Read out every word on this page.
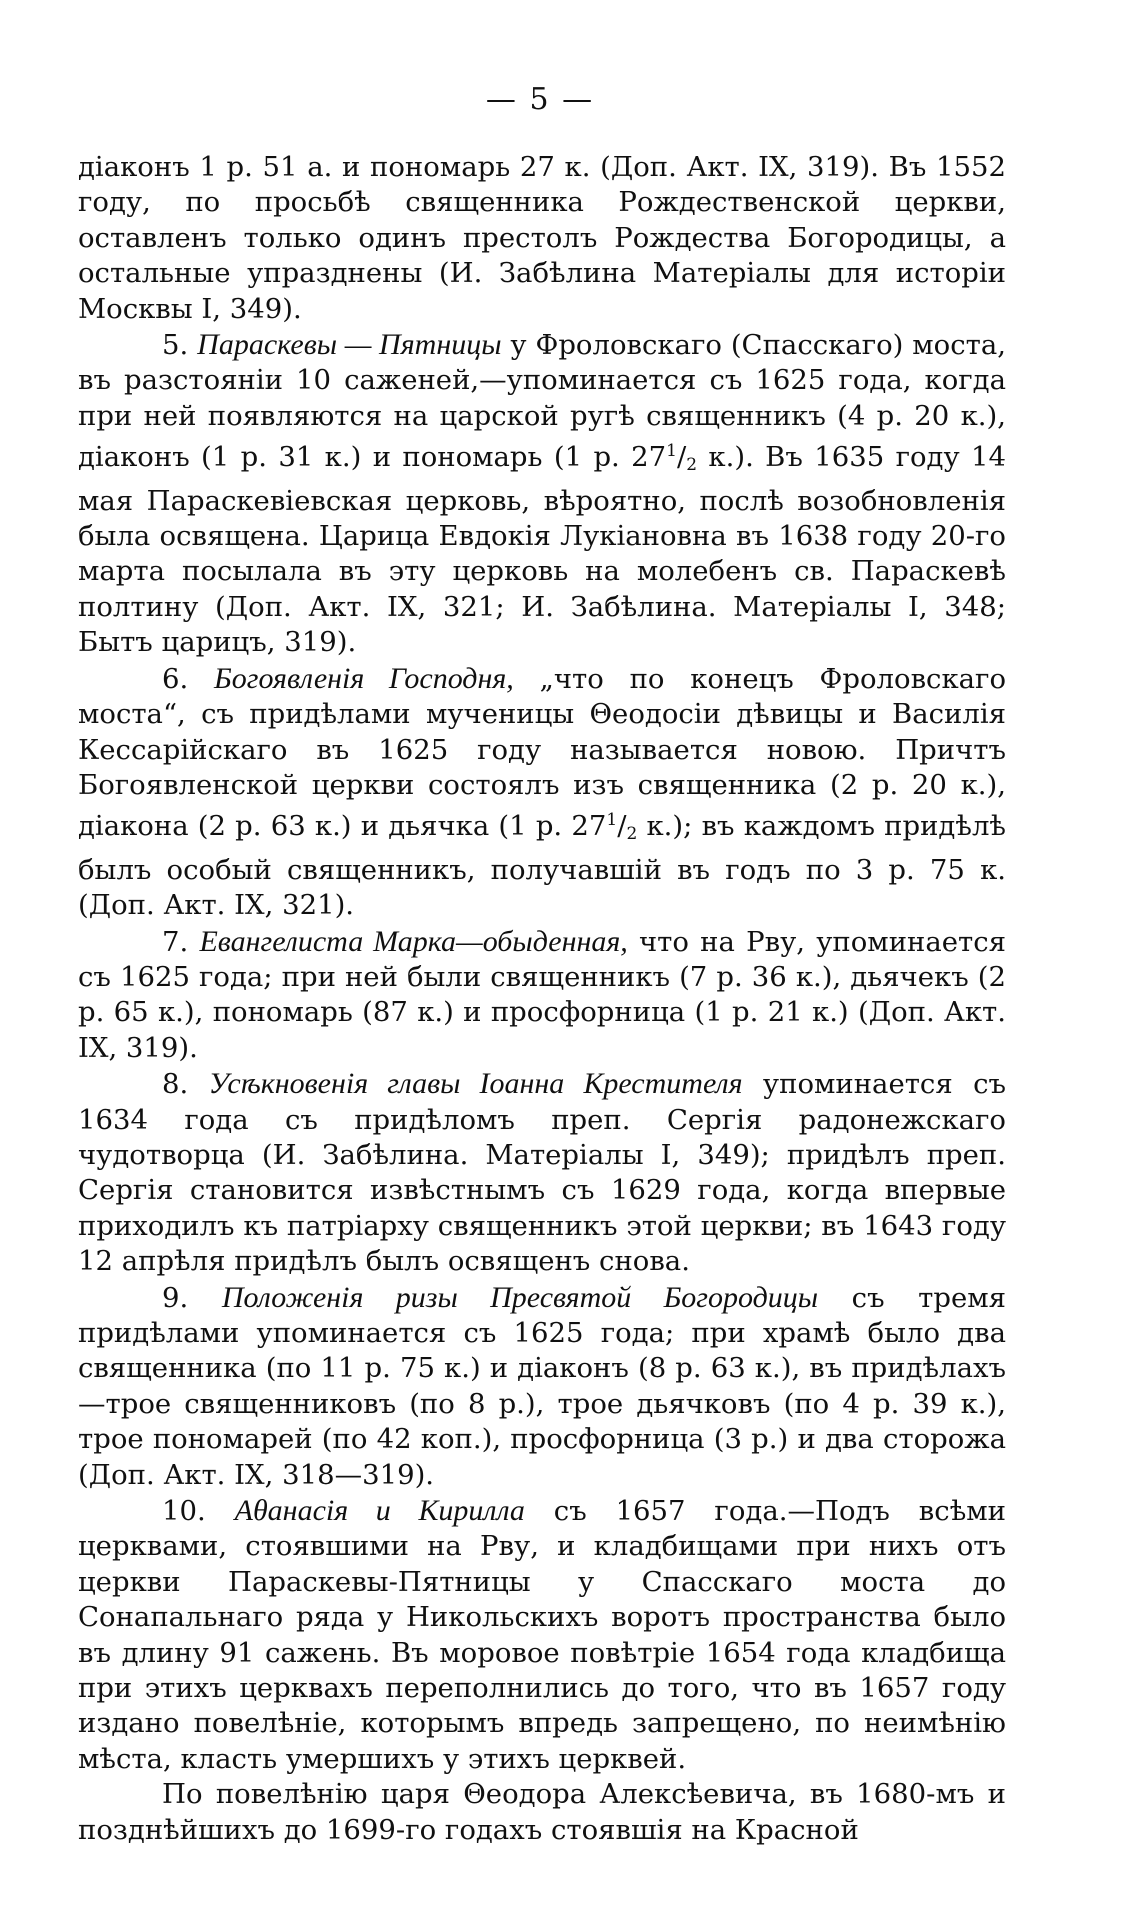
— 5 —

діаконъ 1 р. 51 а. и пономарь 27 к. (Доп. Акт. IX, 319). Въ 1552 году, по просьбѣ священника Рождественской церкви, оставленъ только одинъ престолъ Рождества Богородицы, а остальные упразднены (И. Забѣлина Матеріалы для исторіи Москвы I, 349).

5. Параскевы — Пятницы у Фроловскаго (Спасскаго) моста, въ разстояніи 10 саженей,—упоминается съ 1625 года, когда при ней появляются на царской ругѣ священникъ (4 р. 20 к.), діаконъ (1 р. 31 к.) и пономарь (1 р. $27^1/_2$ к.). Въ 1635 году 14 мая Параскевіевская церковь, вѣроятно, послѣ возобновленія была освящена. Царица Евдокія Лукіановна въ 1638 году 20-го марта посылала въ эту церковь на молебенъ св. Параскевѣ полтину (Доп. Акт. IX, 321; И. Забѣлина. Матеріалы I, 348; Бытъ царицъ, 319).

6. Богоявленія Господня, „что по конецъ Фроловскаго моста“, съ придѣлами мученицы Θеодосіи дѣвицы и Василія Кессарійскаго въ 1625 году называется новою. Причтъ Богоявленской церкви состоялъ изъ священника (2 р. 20 к.), діакона (2 р. 63 к.) и дьячка (1 р. $27^1/_2$ к.); въ каждомъ придѣлѣ былъ особый священникъ, получавшій въ годъ по 3 р. 75 к. (Доп. Акт. IX, 321).

7. Евангелиста Марка—обыденная, что на Рву, упоминается съ 1625 года; при ней были священникъ (7 р. 36 к.), дьячекъ (2 р. 65 к.), пономарь (87 к.) и просфорница (1 р. 21 к.) (Доп. Акт. IX, 319).

8. Усѣкновенія главы Іоанна Крестителя упоминается съ 1634 года съ придѣломъ преп. Сергія радонежскаго чудотворца (И. Забѣлина. Матеріалы I, 349); придѣлъ преп. Сергія становится извѣстнымъ съ 1629 года, когда впервые приходилъ къ патріарху священникъ этой церкви; въ 1643 году 12 апрѣля придѣлъ былъ освященъ снова.

9. Положенія ризы Пресвятой Богородицы съ тремя придѣлами упоминается съ 1625 года; при храмѣ было два священника (по 11 р. 75 к.) и діаконъ (8 р. 63 к.), въ придѣлахъ—трое священниковъ (по 8 р.), трое дьячковъ (по 4 р. 39 к.), трое пономарей (по 42 коп.), просфорница (3 р.) и два сторожа (Доп. Акт. IX, 318—319).

10. Аθанасія и Кирилла съ 1657 года.—Подъ всѣми церквами, стоявшими на Рву, и кладбищами при нихъ отъ церкви Параскевы-Пятницы у Спасскаго моста до Сонапальнаго ряда у Никольскихъ воротъ пространства было въ длину 91 сажень. Въ моровое повѣтріе 1654 года кладбища при этихъ церквахъ переполнились до того, что въ 1657 году издано повелѣніе, которымъ впредь запрещено, по неимѣнію мѣста, класть умершихъ у этихъ церквей.

По повелѣнію царя Θеодора Алексѣевича, въ 1680-мъ и позднѣйшихъ до 1699-го годахъ стоявшія на Красной
